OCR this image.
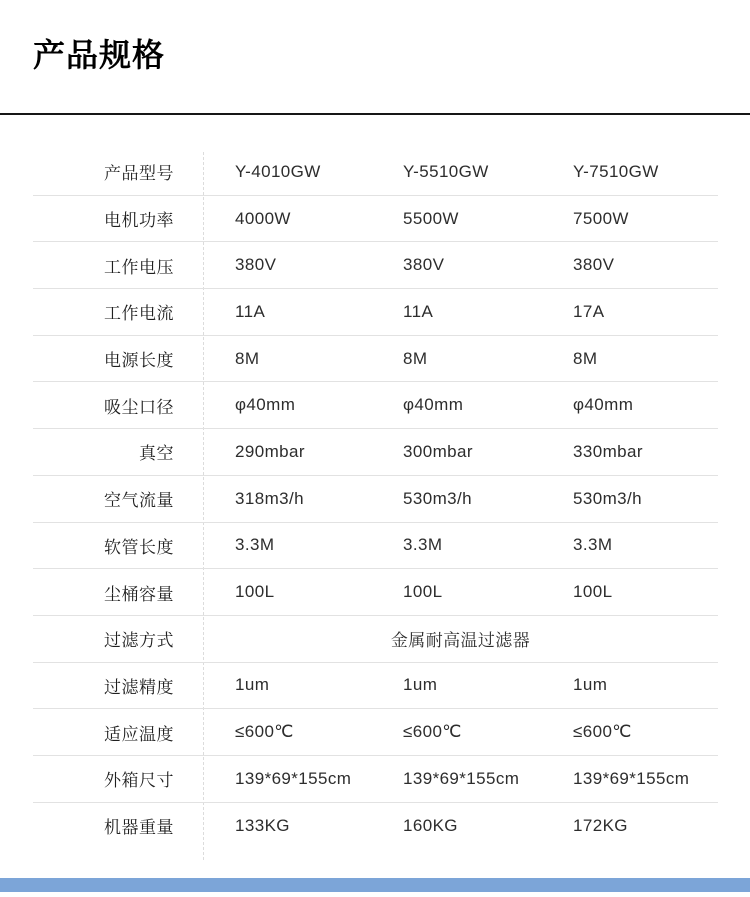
产品规格
产品型号	Y-4010GW	Y-5510GW	Y-7510GW
电机功率	4000W	5500W	7500W
工作电压	380V	380V	380V
工作电流	11A	11A	17A
电源长度	8M	8M	8M
吸尘口径	φ40mm	φ40mm	φ40mm
真空	290mbar	300mbar	330mbar
空气流量	318m3/h	530m3/h	530m3/h
软管长度	3.3M	3.3M	3.3M
尘桶容量	100L	100L	100L
过滤方式	金属耐高温过滤器
过滤精度	1um	1um	1um
适应温度	≤600℃	≤600℃	≤600℃
外箱尺寸	139*69*155cm	139*69*155cm	139*69*155cm
机器重量	133KG	160KG	172KG
